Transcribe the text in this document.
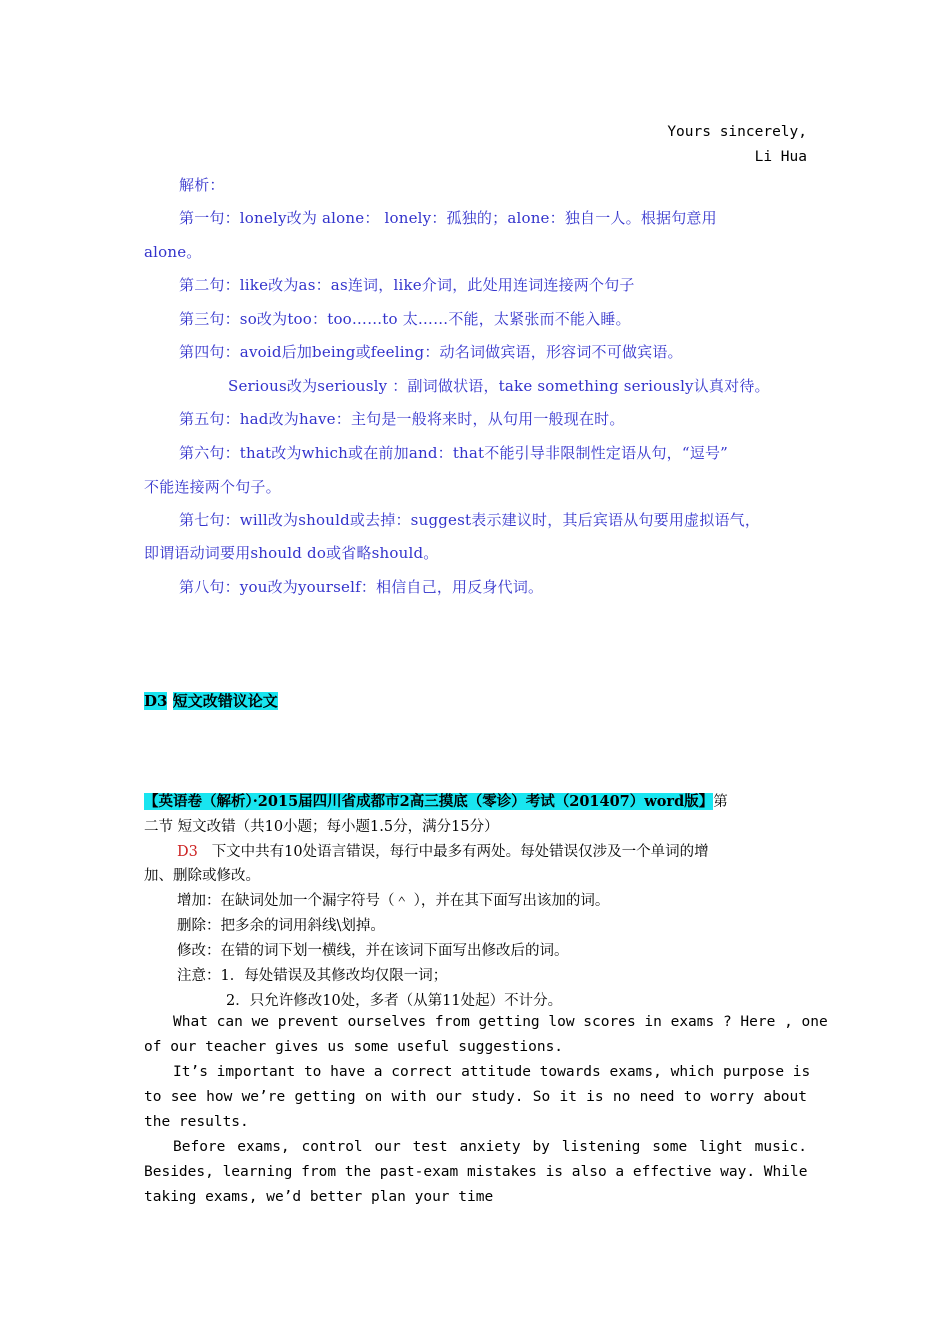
Yours sincerely,
Li Hua
解析：
第一句：lonely改为 alone： lonely：孤独的；alone：独自一人。根据句意用
alone。
第二句：like改为as：as连词，like介词，此处用连词连接两个句子
第三句：so改为too：too……to 太……不能，太紧张而不能入睡。
第四句：avoid后加being或feeling：动名词做宾语，形容词不可做宾语。
Serious改为seriously ：副词做状语，take something seriously认真对待。
第五句：had改为have：主句是一般将来时，从句用一般现在时。
第六句：that改为which或在前加and：that不能引导非限制性定语从句，“逗号”
不能连接两个句子。
第七句：will改为should或去掉：suggest表示建议时，其后宾语从句要用虚拟语气，
即谓语动词要用should do或省略should。
第八句：you改为yourself：相信自己，用反身代词。
D3 短文改错议论文
【英语卷（解析）·2015届四川省成都市2高三摸底（零诊）考试（201407）word版】第
二节 短文改错（共10小题；每小题1.5分，满分15分）
D3 下文中共有10处语言错误，每行中最多有两处。每处错误仅涉及一个单词的增
加、删除或修改。
增加：在缺词处加一个漏字符号（＾ ），并在其下面写出该加的词。
删除：把多余的词用斜线\划掉。
修改：在错的词下划一横线，并在该词下面写出修改后的词。
注意：1．每处错误及其修改均仅限一词；
2．只允许修改10处，多者（从第11处起）不计分。
What can we prevent ourselves from getting low scores in exams ? Here , one
of our teacher gives us some useful suggestions.
It’s important to have a correct attitude towards exams, which purpose is
to see how we’re getting on with our study. So it is no need to worry about
the results.
Before exams, control our test anxiety by listening some light music.
Besides, learning from the past-exam mistakes is also a effective way. While
taking exams, we’d better plan your time
